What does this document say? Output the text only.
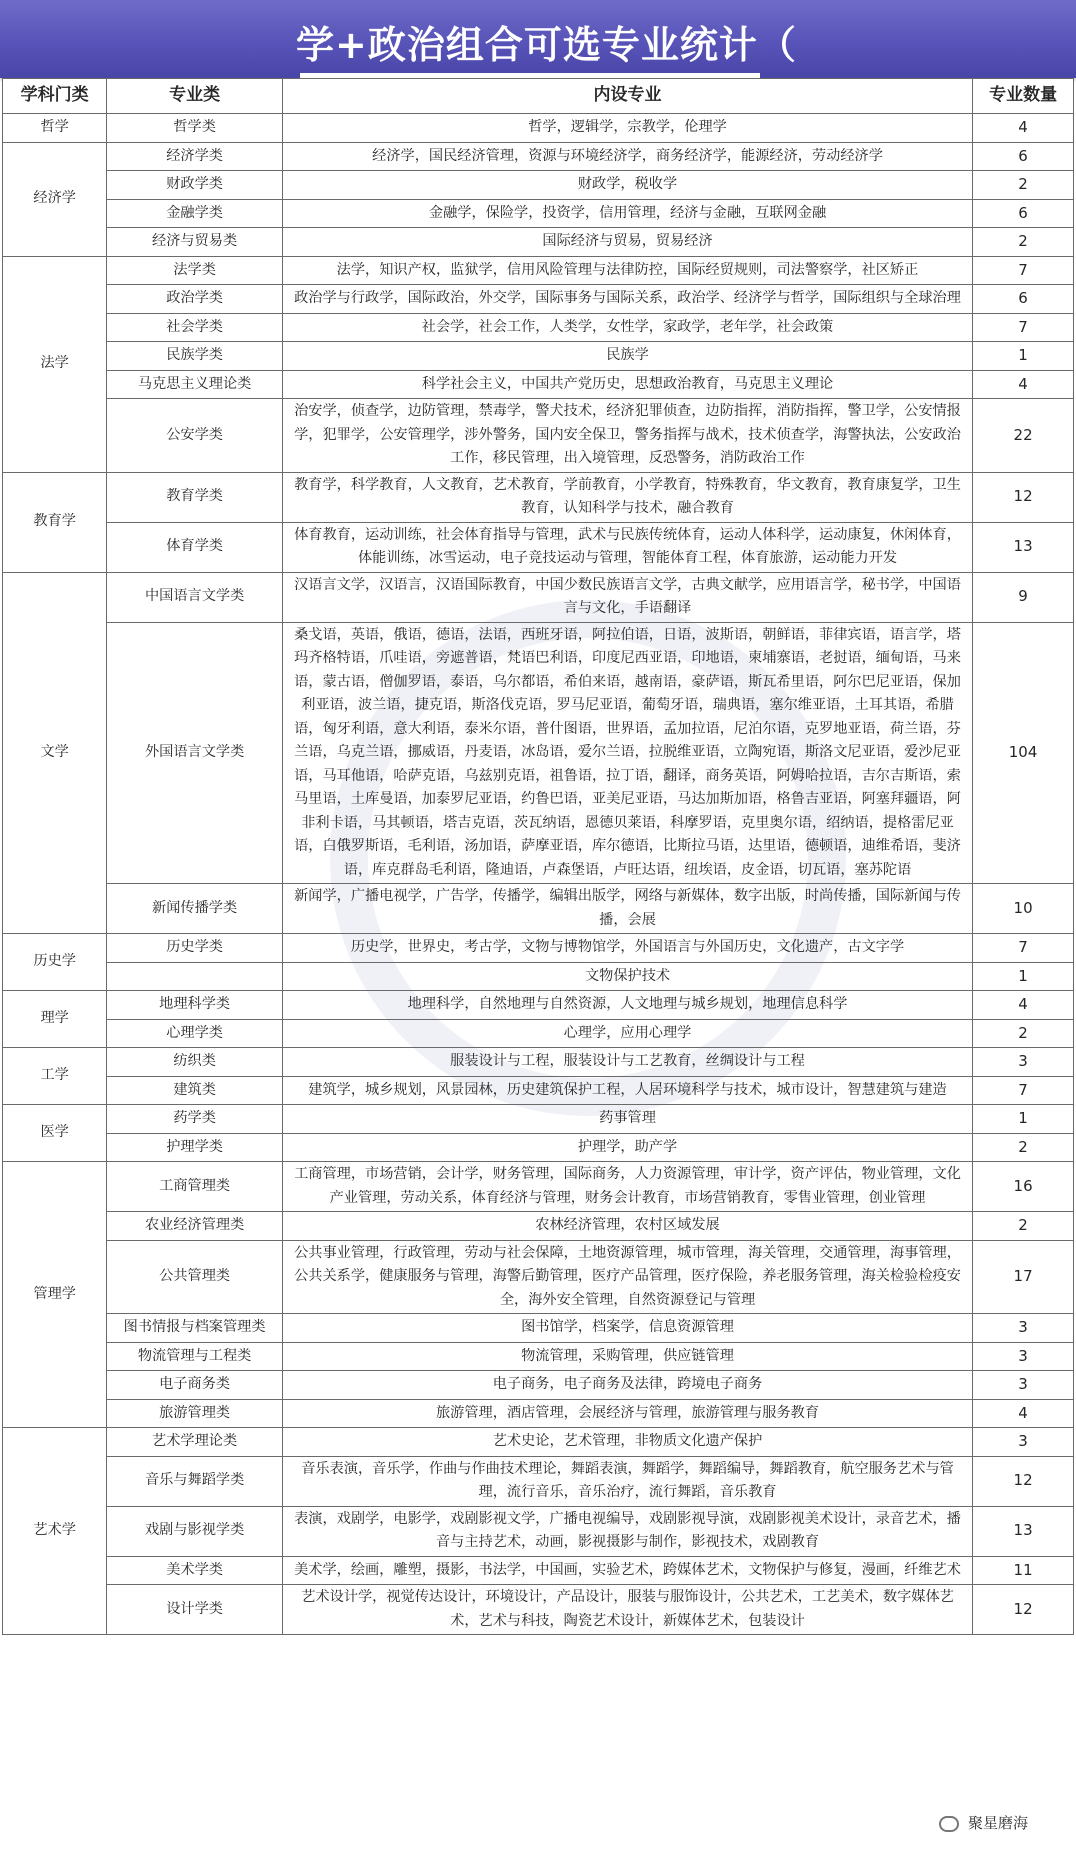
学+政治组合可选专业统计（
学科门类	专业类	内设专业	专业数量
哲学	哲学类	哲学，逻辑学，宗教学，伦理学	4
经济学	经济学类	经济学，国民经济管理，资源与环境经济学，商务经济学，能源经济，劳动经济学	6
	财政学类	财政学，税收学	2
	金融学类	金融学，保险学，投资学，信用管理，经济与金融，互联网金融	6
	经济与贸易类	国际经济与贸易，贸易经济	2
法学	法学类	法学，知识产权，监狱学，信用风险管理与法律防控，国际经贸规则，司法警察学，社区矫正	7
	政治学类	政治学与行政学，国际政治，外交学，国际事务与国际关系，政治学、经济学与哲学，国际组织与全球治理	6
	社会学类	社会学，社会工作，人类学，女性学，家政学，老年学，社会政策	7
	民族学类	民族学	1
	马克思主义理论类	科学社会主义，中国共产党历史，思想政治教育，马克思主义理论	4
	公安学类	治安学，侦查学，边防管理，禁毒学，警犬技术，经济犯罪侦查，边防指挥，消防指挥，警卫学，公安情报学，犯罪学，公安管理学，涉外警务，国内安全保卫，警务指挥与战术，技术侦查学，海警执法，公安政治工作，移民管理，出入境管理，反恐警务，消防政治工作	22
教育学	教育学类	教育学，科学教育，人文教育，艺术教育，学前教育，小学教育，特殊教育，华文教育，教育康复学，卫生教育，认知科学与技术，融合教育	12
	体育学类	体育教育，运动训练，社会体育指导与管理，武术与民族传统体育，运动人体科学，运动康复，休闲体育，体能训练，冰雪运动，电子竞技运动与管理，智能体育工程，体育旅游，运动能力开发	13
文学	中国语言文学类	汉语言文学，汉语言，汉语国际教育，中国少数民族语言文学，古典文献学，应用语言学，秘书学，中国语言与文化，手语翻译	9
	外国语言文学类	桑戈语，英语，俄语，德语，法语，西班牙语，阿拉伯语，日语，波斯语，朝鲜语，菲律宾语，语言学，塔玛齐格特语，爪哇语，旁遮普语，梵语巴利语，印度尼西亚语，印地语，柬埔寨语，老挝语，缅甸语，马来语，蒙古语，僧伽罗语，泰语，乌尔都语，希伯来语，越南语，豪萨语，斯瓦希里语，阿尔巴尼亚语，保加利亚语，波兰语，捷克语，斯洛伐克语，罗马尼亚语，葡萄牙语，瑞典语，塞尔维亚语，土耳其语，希腊语，匈牙利语，意大利语，泰米尔语，普什图语，世界语，孟加拉语，尼泊尔语，克罗地亚语，荷兰语，芬兰语，乌克兰语，挪威语，丹麦语，冰岛语，爱尔兰语，拉脱维亚语，立陶宛语，斯洛文尼亚语，爱沙尼亚语，马耳他语，哈萨克语，乌兹别克语，祖鲁语，拉丁语，翻译，商务英语，阿姆哈拉语，吉尔吉斯语，索马里语，土库曼语，加泰罗尼亚语，约鲁巴语，亚美尼亚语，马达加斯加语，格鲁吉亚语，阿塞拜疆语，阿非利卡语，马其顿语，塔吉克语，茨瓦纳语，恩德贝莱语，科摩罗语，克里奥尔语，绍纳语，提格雷尼亚语，白俄罗斯语，毛利语，汤加语，萨摩亚语，库尔德语，比斯拉马语，达里语，德顿语，迪维希语，斐济语，库克群岛毛利语，隆迪语，卢森堡语，卢旺达语，纽埃语，皮金语，切瓦语，塞苏陀语	104
	新闻传播学类	新闻学，广播电视学，广告学，传播学，编辑出版学，网络与新媒体，数字出版，时尚传播，国际新闻与传播，会展	10
历史学	历史学类	历史学，世界史，考古学，文物与博物馆学，外国语言与外国历史，文化遗产，古文字学	7
		文物保护技术	1
理学	地理科学类	地理科学，自然地理与自然资源，人文地理与城乡规划，地理信息科学	4
	心理学类	心理学，应用心理学	2
工学	纺织类	服装设计与工程，服装设计与工艺教育，丝绸设计与工程	3
	建筑类	建筑学，城乡规划，风景园林，历史建筑保护工程，人居环境科学与技术，城市设计，智慧建筑与建造	7
医学	药学类	药事管理	1
	护理学类	护理学，助产学	2
管理学	工商管理类	工商管理，市场营销，会计学，财务管理，国际商务，人力资源管理，审计学，资产评估，物业管理，文化产业管理，劳动关系，体育经济与管理，财务会计教育，市场营销教育，零售业管理，创业管理	16
	农业经济管理类	农林经济管理，农村区域发展	2
	公共管理类	公共事业管理，行政管理，劳动与社会保障，土地资源管理，城市管理，海关管理，交通管理，海事管理，公共关系学，健康服务与管理，海警后勤管理，医疗产品管理，医疗保险，养老服务管理，海关检验检疫安全，海外安全管理，自然资源登记与管理	17
	图书情报与档案管理类	图书馆学，档案学，信息资源管理	3
	物流管理与工程类	物流管理，采购管理，供应链管理	3
	电子商务类	电子商务，电子商务及法律，跨境电子商务	3
	旅游管理类	旅游管理，酒店管理，会展经济与管理，旅游管理与服务教育	4
艺术学	艺术学理论类	艺术史论，艺术管理，非物质文化遗产保护	3
	音乐与舞蹈学类	音乐表演，音乐学，作曲与作曲技术理论，舞蹈表演，舞蹈学，舞蹈编导，舞蹈教育，航空服务艺术与管理，流行音乐，音乐治疗，流行舞蹈，音乐教育	12
	戏剧与影视学类	表演，戏剧学，电影学，戏剧影视文学，广播电视编导，戏剧影视导演，戏剧影视美术设计，录音艺术，播音与主持艺术，动画，影视摄影与制作，影视技术，戏剧教育	13
	美术学类	美术学，绘画，雕塑，摄影，书法学，中国画，实验艺术，跨媒体艺术，文物保护与修复，漫画，纤维艺术	11
	设计学类	艺术设计学，视觉传达设计，环境设计，产品设计，服装与服饰设计，公共艺术，工艺美术，数字媒体艺术，艺术与科技，陶瓷艺术设计，新媒体艺术，包装设计	12
聚星磨海
